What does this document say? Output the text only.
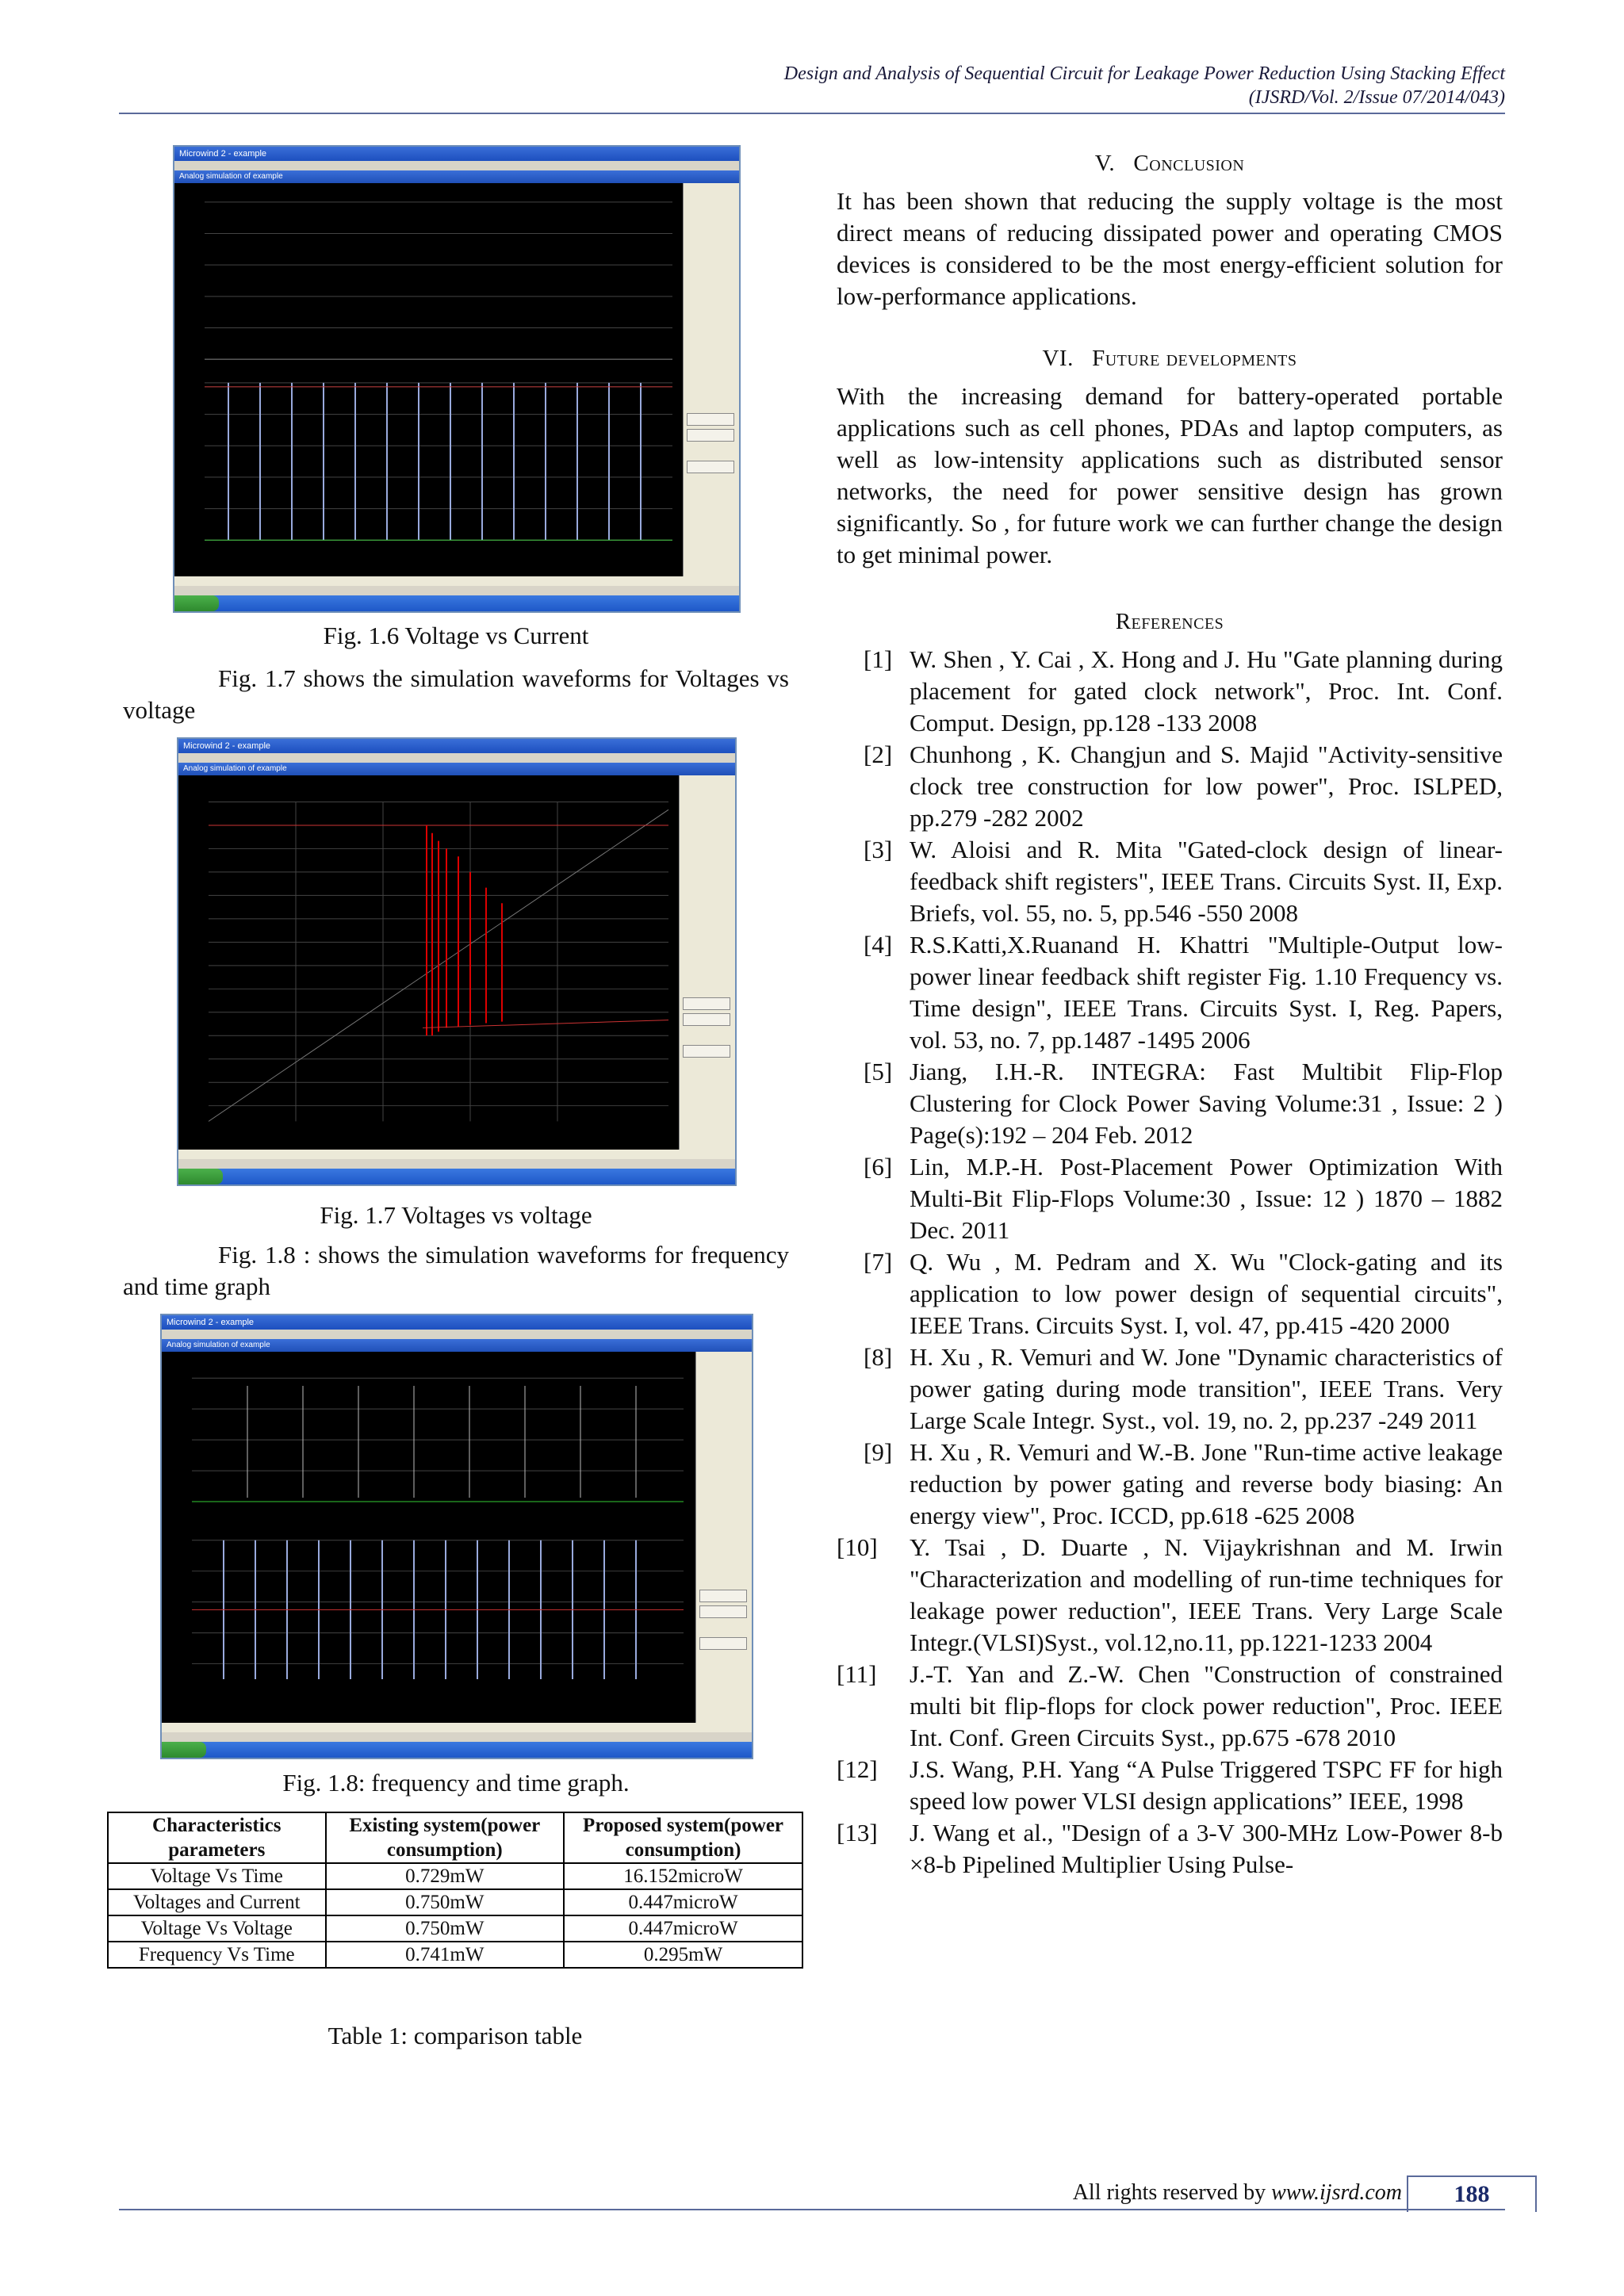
Design and Analysis of Sequential Circuit for Leakage Power Reduction Using Stacking Effect
(IJSRD/Vol. 2/Issue 07/2014/043)
Microwind 2 - example
Analog simulation of example

Fig. 1.6 Voltage vs Current

Fig. 1.7 shows the simulation waveforms for Voltages vs voltage

Fig. 1.7 Voltages vs voltage

Fig. 1.8 : shows the simulation waveforms for frequency and time graph

Fig. 1.8: frequency and time graph.

Microwind 2 - example
Analog simulation of example
Microwind 2 - example
Analog simulation of example
Characteristics parameters	Existing system(power consumption)	Proposed system(power consumption)
Voltage Vs Time	0.729mW	16.152microW
Voltages and Current	0.750mW	0.447microW
Voltage Vs Voltage	0.750mW	0.447microW
Frequency Vs Time	0.741mW	0.295mW

Table 1: comparison table

V. Conclusion

It has been shown that reducing the supply voltage is the most direct means of reducing dissipated power and operating CMOS devices is considered to be the most energy-efficient solution for low-performance applications.

VI. Future developments

With the increasing demand for battery-operated portable applications such as cell phones, PDAs and laptop computers, as well as low-intensity applications such as distributed sensor networks, the need for power sensitive design has grown significantly. So , for future work we can further change the design to get minimal power.

References

[1] W. Shen , Y. Cai , X. Hong and J. Hu "Gate planning during placement for gated clock network", Proc. Int. Conf. Comput. Design, pp.128 -133 2008
[2] Chunhong , K. Changjun and S. Majid "Activity-sensitive clock tree construction for low power", Proc. ISLPED, pp.279 -282 2002
[3] W. Aloisi and R. Mita "Gated-clock design of linear-feedback shift registers", IEEE Trans. Circuits Syst. II, Exp. Briefs, vol. 55, no. 5, pp.546 -550 2008
[4] R.S.Katti,X.Ruanand H. Khattri "Multiple-Output low-power linear feedback shift register Fig. 1.10 Frequency vs. Time design", IEEE Trans. Circuits Syst. I, Reg. Papers, vol. 53, no. 7, pp.1487 -1495 2006
[5] Jiang, I.H.-R. INTEGRA: Fast Multibit Flip-Flop Clustering for Clock Power Saving Volume:31 , Issue: 2 ) Page(s):192 – 204 Feb. 2012
[6] Lin, M.P.-H. Post-Placement Power Optimization With Multi-Bit Flip-Flops Volume:30 , Issue: 12 ) 1870 – 1882 Dec. 2011
[7] Q. Wu , M. Pedram and X. Wu "Clock-gating and its application to low power design of sequential circuits", IEEE Trans. Circuits Syst. I, vol. 47, pp.415 -420 2000
[8] H. Xu , R. Vemuri and W. Jone "Dynamic characteristics of power gating during mode transition", IEEE Trans. Very Large Scale Integr. Syst., vol. 19, no. 2, pp.237 -249 2011
[9] H. Xu , R. Vemuri and W.-B. Jone "Run-time active leakage reduction by power gating and reverse body biasing: An energy view", Proc. ICCD, pp.618 -625 2008
[10] Y. Tsai , D. Duarte , N. Vijaykrishnan and M. Irwin "Characterization and modelling of run-time techniques for leakage power reduction", IEEE Trans. Very Large Scale Integr.(VLSI)Syst., vol.12,no.11, pp.1221-1233 2004
[11] J.-T. Yan and Z.-W. Chen "Construction of constrained multi bit flip-flops for clock power reduction", Proc. IEEE Int. Conf. Green Circuits Syst., pp.675 -678 2010
[12] J.S. Wang, P.H. Yang “A Pulse Triggered TSPC FF for high speed low power VLSI design applications” IEEE, 1998
[13] J. Wang et al., "Design of a 3-V 300-MHz Low-Power 8-b ×8-b Pipelined Multiplier Using Pulse-
All rights reserved by www.ijsrd.com	188
